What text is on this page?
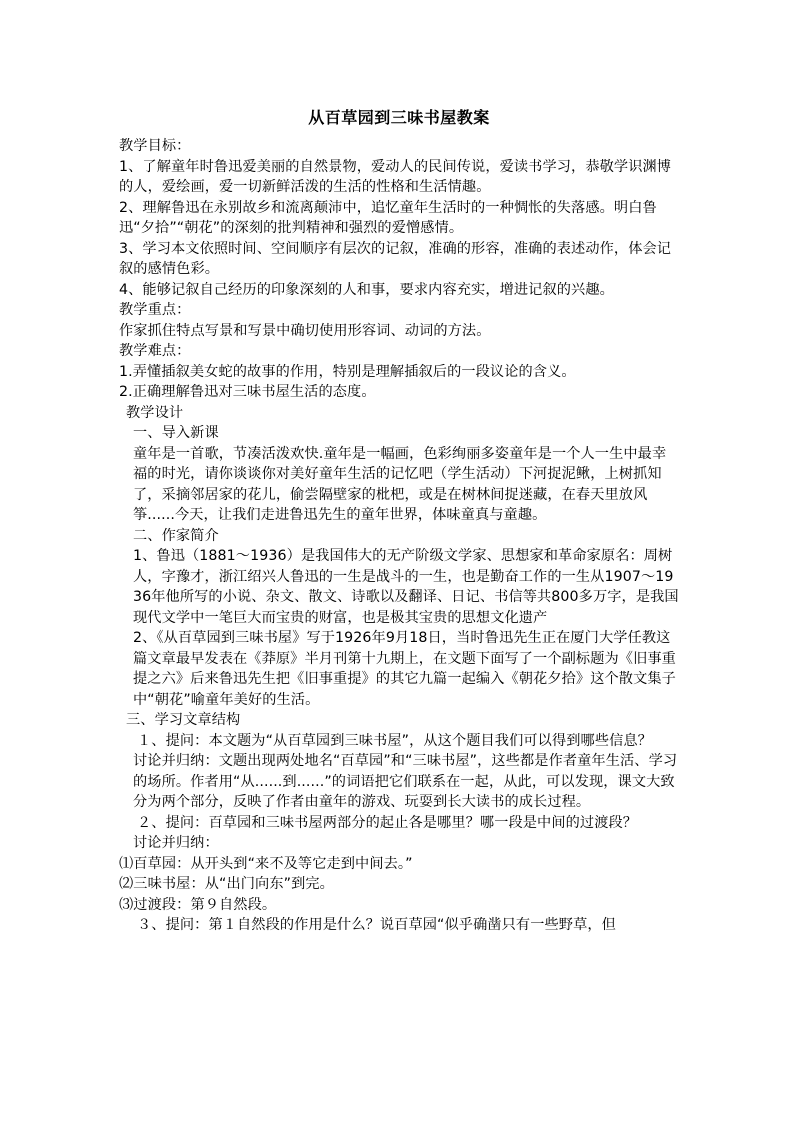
从百草园到三味书屋教案

教学目标：

1、了解童年时鲁迅爱美丽的自然景物，爱动人的民间传说，爱读书学习，恭敬学识渊博的人，爱绘画，爱一切新鲜活泼的生活的性格和生活情趣。

2、理解鲁迅在永别故乡和流离颠沛中，追忆童年生活时的一种惆怅的失落感。明白鲁迅“夕拾”“朝花”的深刻的批判精神和强烈的爱憎感情。

3、学习本文依照时间、空间顺序有层次的记叙，准确的形容，准确的表述动作，体会记叙的感情色彩。

4、能够记叙自己经历的印象深刻的人和事，要求内容充实，增进记叙的兴趣。

教学重点：

作家抓住特点写景和写景中确切使用形容词、动词的方法。

教学难点：

1.弄懂插叙美女蛇的故事的作用，特别是理解插叙后的一段议论的含义。

2.正确理解鲁迅对三味书屋生活的态度。

教学设计

一、导入新课

童年是一首歌，节凑活泼欢快.童年是一幅画，色彩绚丽多姿童年是一个人一生中最幸福的时光，请你谈谈你对美好童年生活的记忆吧（学生活动）下河捉泥鳅，上树抓知了，采摘邻居家的花儿，偷尝隔壁家的枇杷，或是在树林间捉迷藏，在春天里放风筝......今天，让我们走进鲁迅先生的童年世界，体味童真与童趣。

二、作家简介

1、鲁迅（1881～1936）是我国伟大的无产阶级文学家、思想家和革命家原名：周树人，字豫才，浙江绍兴人鲁迅的一生是战斗的一生，也是勤奋工作的一生从1907～1936年他所写的小说、杂文、散文、诗歌以及翻译、日记、书信等共800多万字，是我国现代文学中一笔巨大而宝贵的财富，也是极其宝贵的思想文化遗产

2、《从百草园到三味书屋》写于1926年9月18日，当时鲁迅先生正在厦门大学任教这篇文章最早发表在《莽原》半月刊第十九期上，在文题下面写了一个副标题为《旧事重提之六》后来鲁迅先生把《旧事重提》的其它九篇一起编入《朝花夕拾》这个散文集子中“朝花”喻童年美好的生活。

三、学习文章结构

１、提问：本文题为“从百草园到三味书屋”，从这个题目我们可以得到哪些信息？

讨论并归纳：文题出现两处地名“百草园”和“三味书屋”，这些都是作者童年生活、学习的场所。作者用“从......到......”的词语把它们联系在一起，从此，可以发现，课文大致分为两个部分，反映了作者由童年的游戏、玩耍到长大读书的成长过程。

２、提问：百草园和三味书屋两部分的起止各是哪里？哪一段是中间的过渡段？

讨论并归纳：

⑴百草园：从开头到“来不及等它走到中间去。”

⑵三味书屋：从“出门向东”到完。

⑶过渡段：第９自然段。

３、提问：第１自然段的作用是什么？说百草园“似乎确凿只有一些野草，但
